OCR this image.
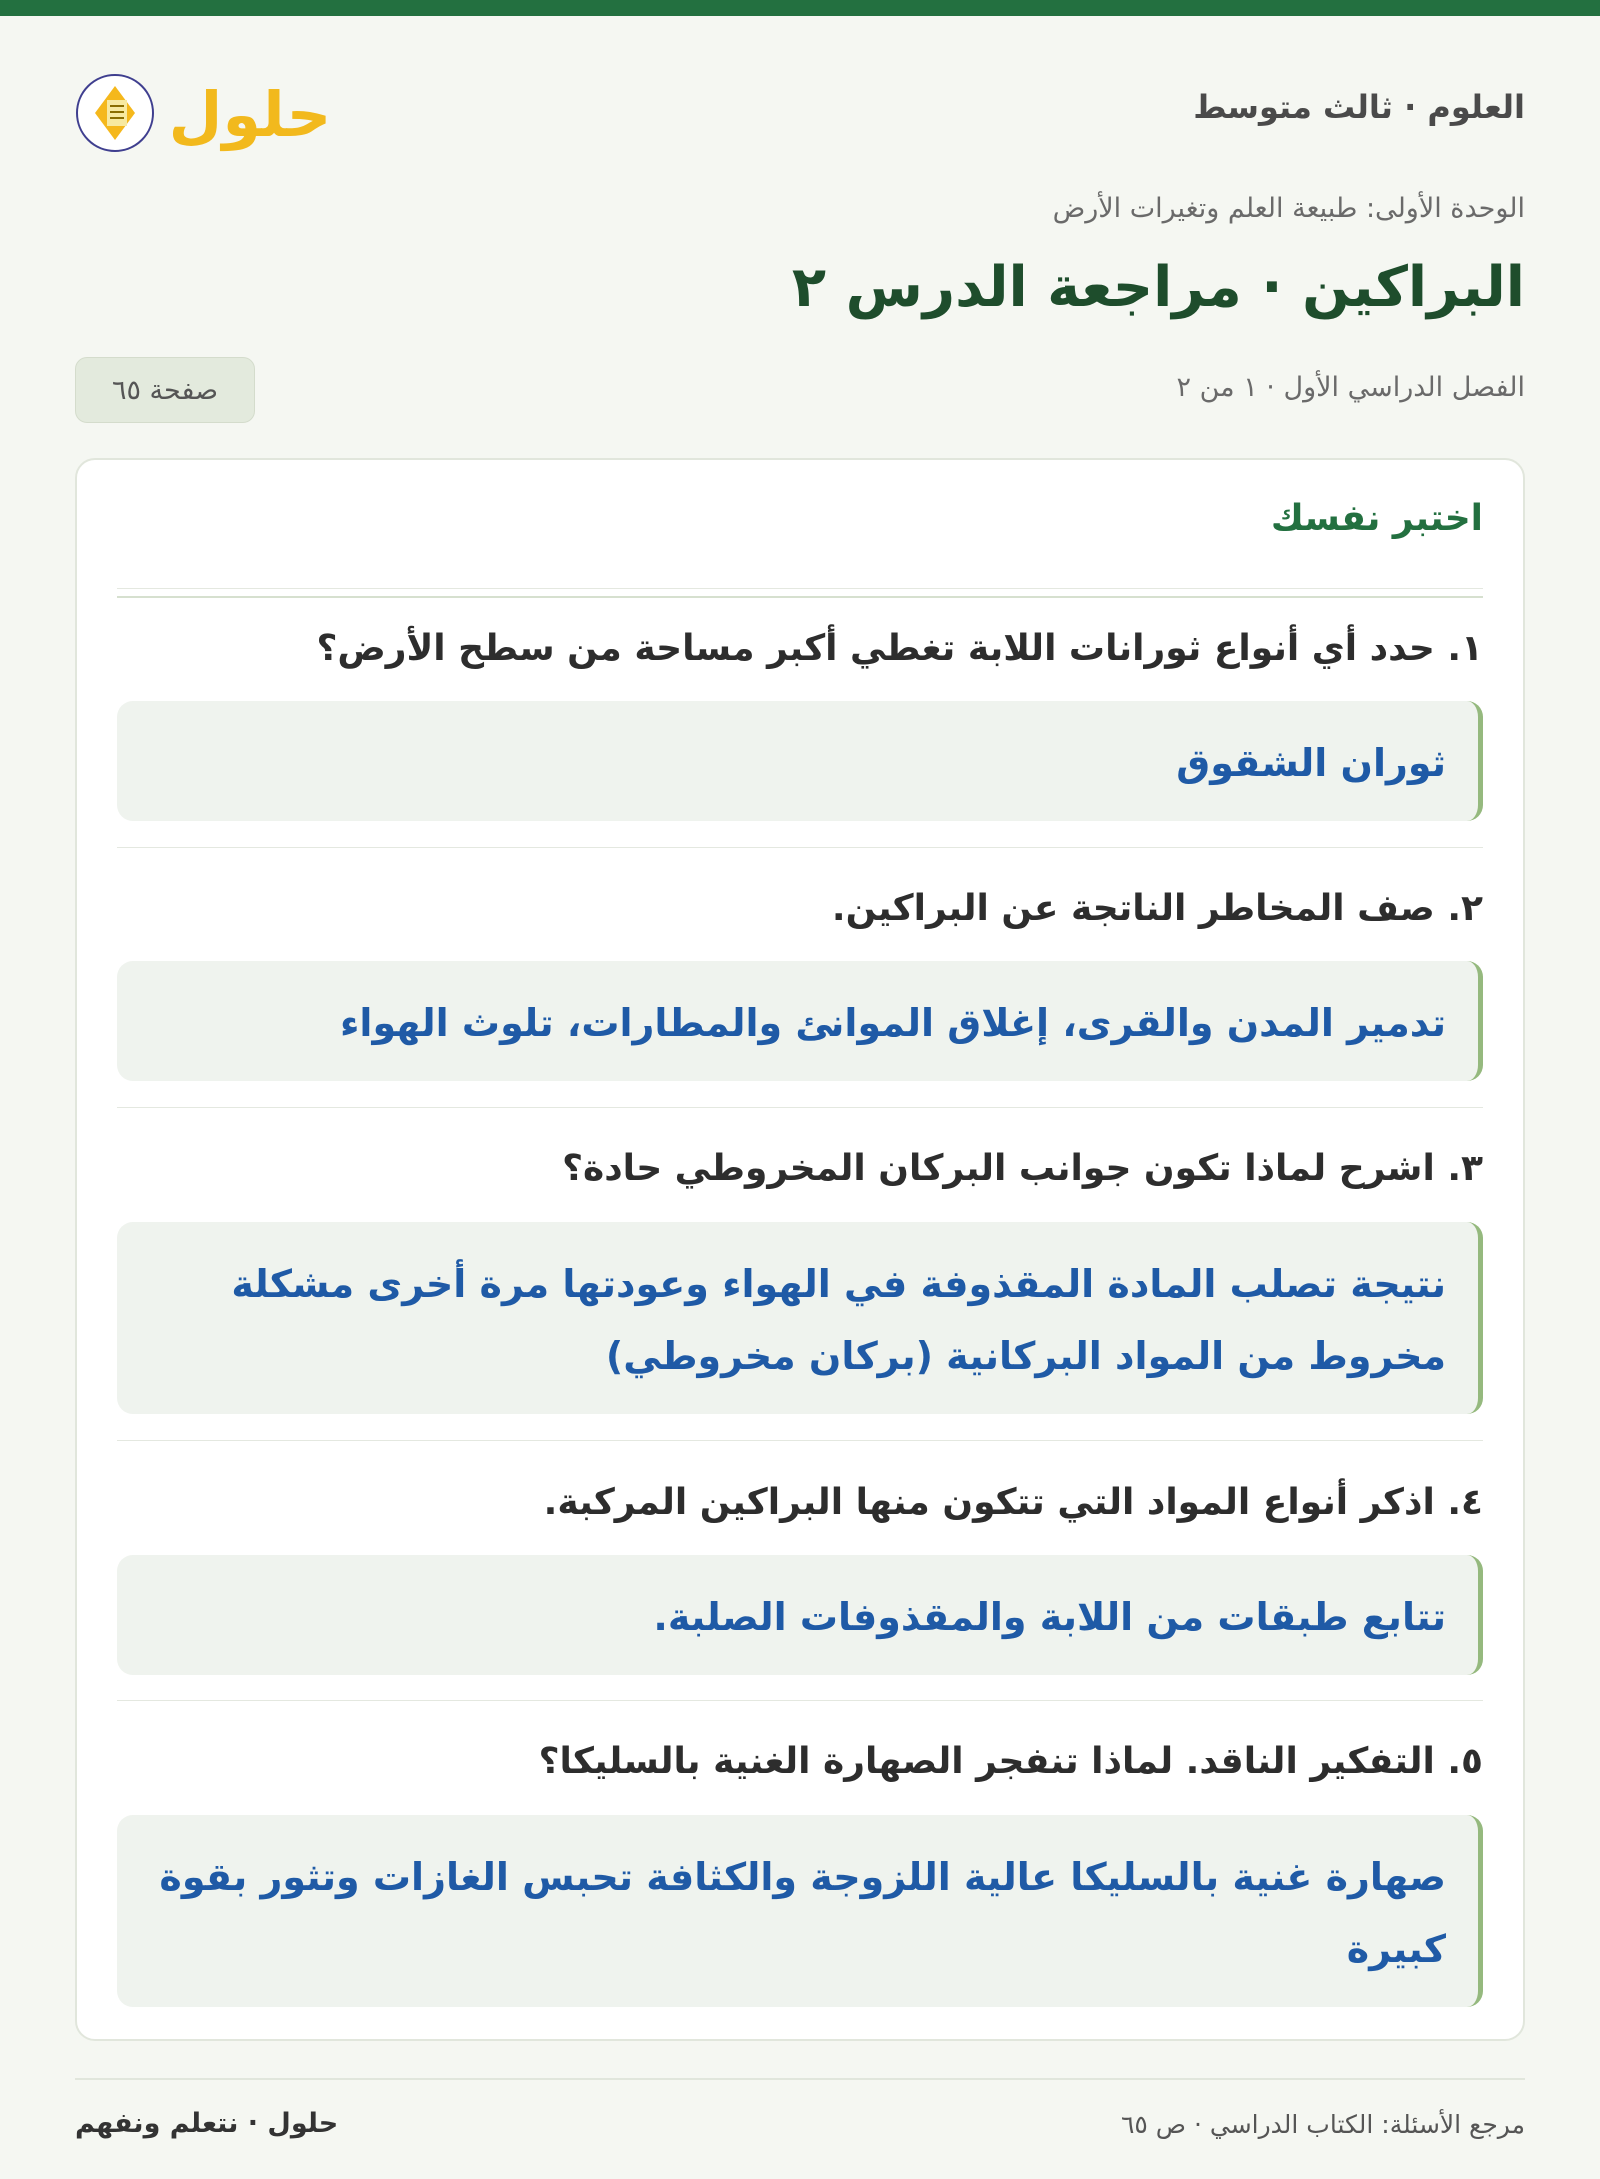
العلوم · ثالث متوسط
حلول
الوحدة الأولى: طبيعة العلم وتغيرات الأرض
البراكين · مراجعة الدرس ٢
الفصل الدراسي الأول · ١ من ٢
صفحة ٦٥
اختبر نفسك
١. حدد أي أنواع ثورانات اللابة تغطي أكبر مساحة من سطح الأرض؟
ثوران الشقوق
٢. صف المخاطر الناتجة عن البراكين.
تدمير المدن والقرى، إغلاق الموانئ والمطارات، تلوث الهواء
٣. اشرح لماذا تكون جوانب البركان المخروطي حادة؟
نتيجة تصلب المادة المقذوفة في الهواء وعودتها مرة أخرى مشكلة مخروط من المواد البركانية (بركان مخروطي)
٤. اذكر أنواع المواد التي تتكون منها البراكين المركبة.
تتابع طبقات من اللابة والمقذوفات الصلبة.
٥. التفكير الناقد. لماذا تنفجر الصهارة الغنية بالسليكا؟
صهارة غنية بالسليكا عالية اللزوجة والكثافة تحبس الغازات وتثور بقوة كبيرة
مرجع الأسئلة: الكتاب الدراسي · ص ٦٥
حلول · نتعلم ونفهم
